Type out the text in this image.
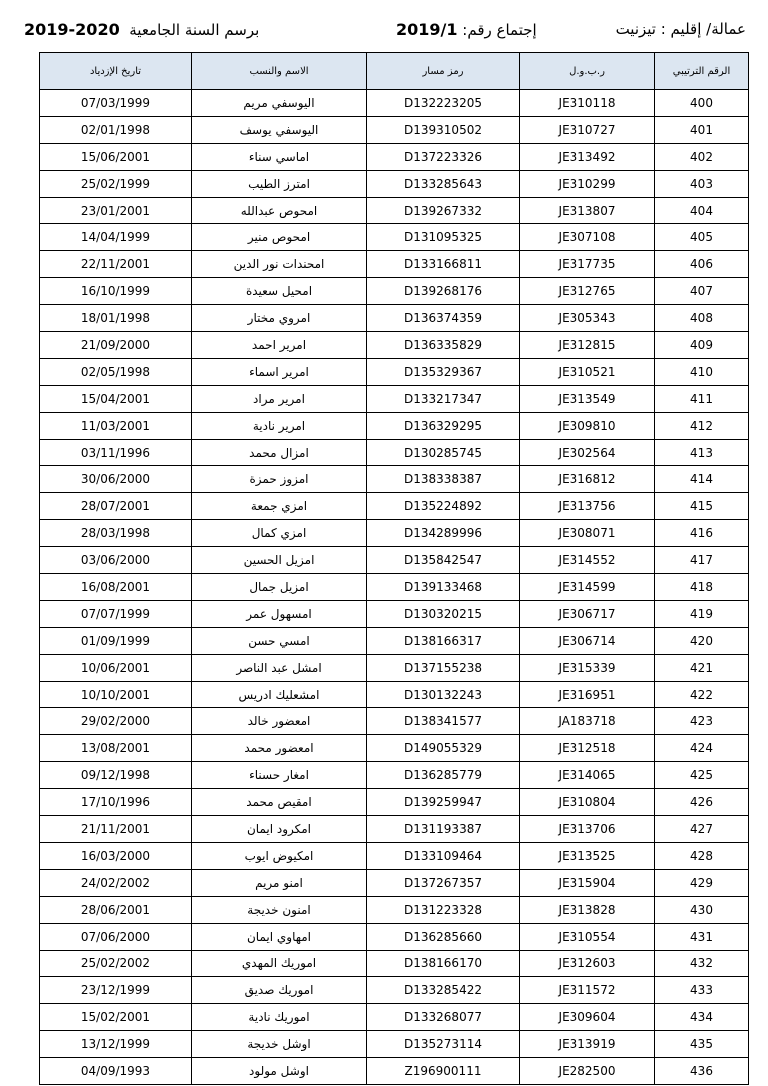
عمالة/ إقليم : تيزنيت
إجتماع رقم: 2019/1
برسم السنة الجامعية  2020-2019
تاريخ الإزدياد	الاسم والنسب	رمز مسار	ر.ب.و.ل	الرقم الترتيبي
07/03/1999	اليوسفي مريم	D132223205	JE310118	400
02/01/1998	اليوسفي يوسف	D139310502	JE310727	401
15/06/2001	اماسي سناء	D137223326	JE313492	402
25/02/1999	امترز الطيب	D133285643	JE310299	403
23/01/2001	امحوص عبدالله	D139267332	JE313807	404
14/04/1999	امحوص منير	D131095325	JE307108	405
22/11/2001	امحندات نور الدين	D133166811	JE317735	406
16/10/1999	امحيل سعيدة	D139268176	JE312765	407
18/01/1998	امروي مختار	D136374359	JE305343	408
21/09/2000	امرير احمد	D136335829	JE312815	409
02/05/1998	امرير اسماء	D135329367	JE310521	410
15/04/2001	امرير مراد	D133217347	JE313549	411
11/03/2001	امرير نادية	D136329295	JE309810	412
03/11/1996	امزال محمد	D130285745	JE302564	413
30/06/2000	امزوز حمزة	D138338387	JE316812	414
28/07/2001	امزي جمعة	D135224892	JE313756	415
28/03/1998	امزي كمال	D134289996	JE308071	416
03/06/2000	امزيل الحسين	D135842547	JE314552	417
16/08/2001	امزيل جمال	D139133468	JE314599	418
07/07/1999	امسهول عمر	D130320215	JE306717	419
01/09/1999	امسي حسن	D138166317	JE306714	420
10/06/2001	امشل عبد الناصر	D137155238	JE315339	421
10/10/2001	امشعليك ادريس	D130132243	JE316951	422
29/02/2000	امعضور خالد	D138341577	JA183718	423
13/08/2001	امعضور محمد	D149055329	JE312518	424
09/12/1998	امغار حسناء	D136285779	JE314065	425
17/10/1996	امقيص محمد	D139259947	JE310804	426
21/11/2001	امكرود ايمان	D131193387	JE313706	427
16/03/2000	امكيوض ايوب	D133109464	JE313525	428
24/02/2002	امنو مريم	D137267357	JE315904	429
28/06/2001	امنون خديجة	D131223328	JE313828	430
07/06/2000	امهاوي ايمان	D136285660	JE310554	431
25/02/2002	اموريك المهدي	D138166170	JE312603	432
23/12/1999	اموريك صديق	D133285422	JE311572	433
15/02/2001	اموريك نادية	D133268077	JE309604	434
13/12/1999	اوشل خديجة	D135273114	JE313919	435
04/09/1993	اوشل مولود	Z196900111	JE282500	436
